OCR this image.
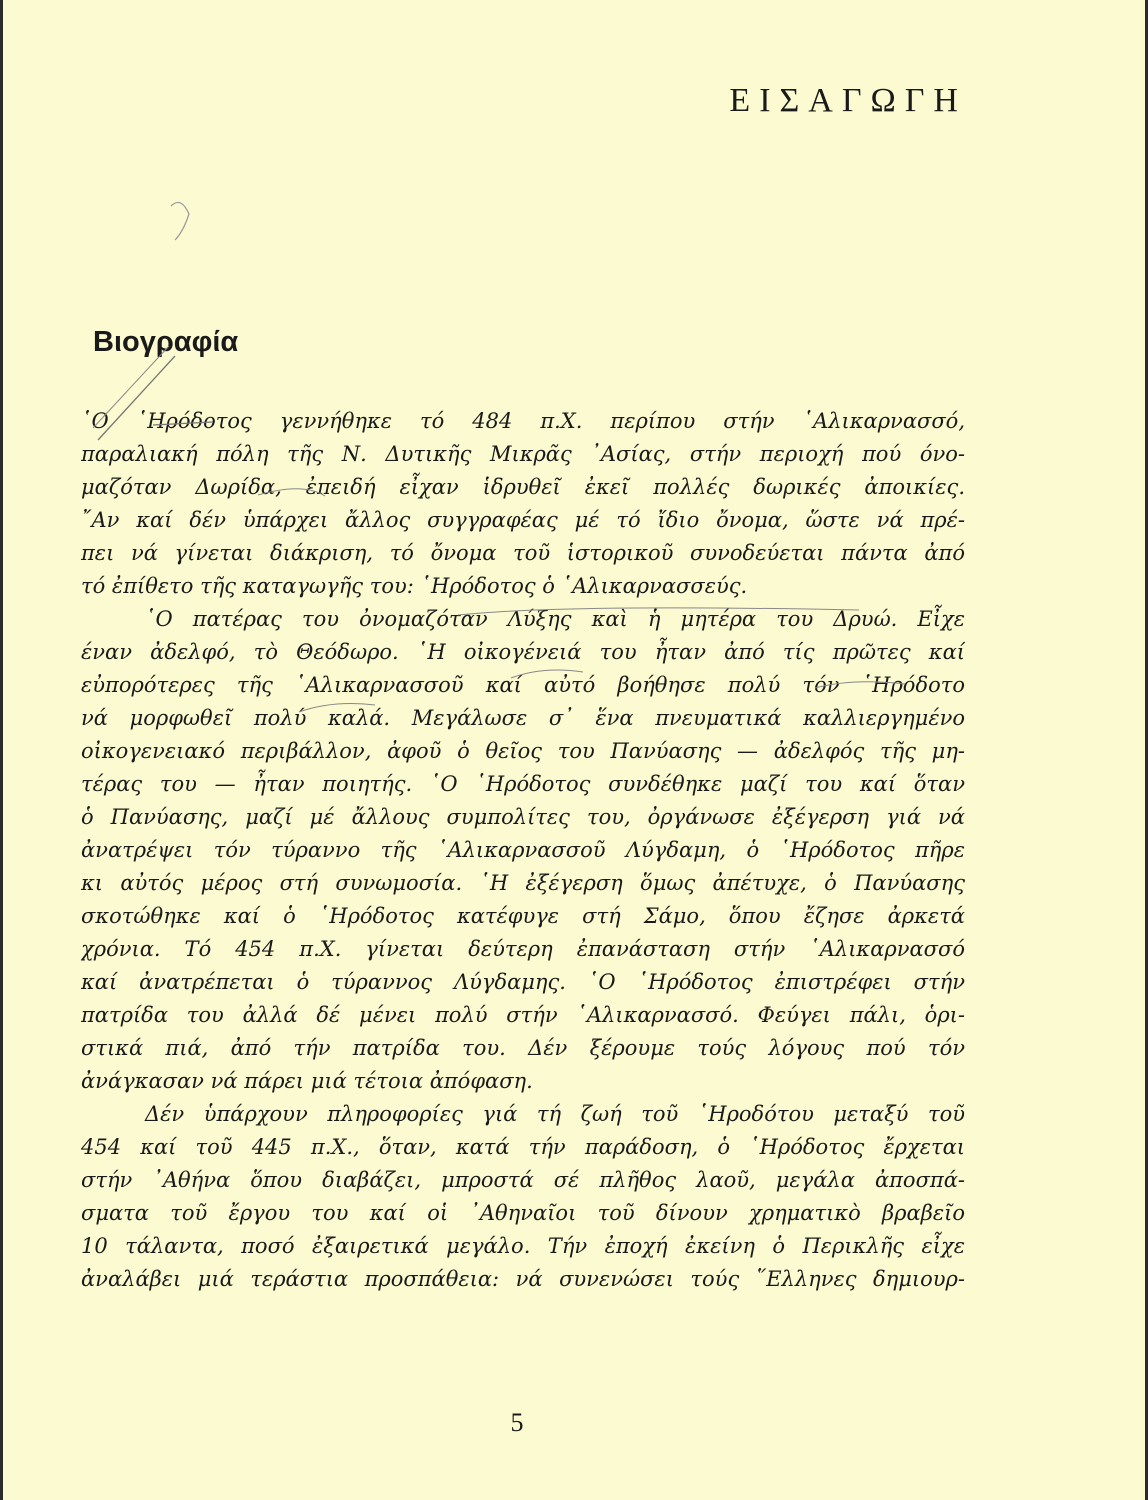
ΕΙΣΑΓΩΓΗ
Βιογραφία
῾Ο ῾Ηρόδοτος γεννήθηκε τό 484 π.Χ. περίπου στήν ῾Αλικαρνασσό,
παραλιακή πόλη τῆς Ν. Δυτικῆς Μικρᾶς ᾿Ασίας, στήν περιοχή πού όνο-
μαζόταν Δωρίδα, ἐπειδή εἶχαν ἱδρυθεῖ ἐκεῖ πολλές δωρικές ἀποικίες.
῎Αν καί δέν ὑπάρχει ἄλλος συγγραφέας μέ τό ἴδιο ὄνομα, ὥστε νά πρέ-
πει νά γίνεται διάκριση, τό ὄνομα τοῦ ἱστορικοῦ συνοδεύεται πάντα ἀπό
τό ἐπίθετο τῆς καταγωγῆς του: ῾Ηρόδοτος ὁ ῾Αλικαρνασσεύς.
῾Ο πατέρας του ὀνομαζόταν Λύξης καὶ ἡ μητέρα του Δρυώ. Εἶχε
έναν ἀδελφό, τὸ Θεόδωρο. ῾Η οἰκογένειά του ἦταν ἀπό τίς πρῶτες καί
εὐπορότερες τῆς ῾Αλικαρνασσοῦ καί αὐτό βοήθησε πολύ τόν ῾Ηρόδοτο
νά μορφωθεῖ πολύ καλά. Μεγάλωσε σ᾿ ἕνα πνευματικά καλλιεργημένο
οἰκογενειακό περιβάλλον, ἀφοῦ ὁ θεῖος του Πανύασης — ἀδελφός τῆς μη-
τέρας του — ἦταν ποιητής. ῾Ο ῾Ηρόδοτος συνδέθηκε μαζί του καί ὅταν
ὁ Πανύασης, μαζί μέ ἄλλους συμπολίτες του, ὀργάνωσε ἐξέγερση γιά νά
ἀνατρέψει τόν τύραννο τῆς ῾Αλικαρνασσοῦ Λύγδαμη, ὁ ῾Ηρόδοτος πῆρε
κι αὐτός μέρος στή συνωμοσία. ῾Η ἐξέγερση ὅμως ἀπέτυχε, ὁ Πανύασης
σκοτώθηκε καί ὁ ῾Ηρόδοτος κατέφυγε στή Σάμο, ὅπου ἔζησε ἀρκετά
χρόνια. Τό 454 π.Χ. γίνεται δεύτερη ἐπανάσταση στήν ῾Αλικαρνασσό
καί ἀνατρέπεται ὁ τύραννος Λύγδαμης. ῾Ο ῾Ηρόδοτος ἐπιστρέφει στήν
πατρίδα του ἀλλά δέ μένει πολύ στήν ῾Αλικαρνασσό. Φεύγει πάλι, ὁρι-
στικά πιά, ἀπό τήν πατρίδα του. Δέν ξέρουμε τούς λόγους πού τόν
ἀνάγκασαν νά πάρει μιά τέτοια ἀπόφαση.
Δέν ὑπάρχουν πληροφορίες γιά τή ζωή τοῦ ῾Ηροδότου μεταξύ τοῦ
454 καί τοῦ 445 π.Χ., ὅταν, κατά τήν παράδοση, ὁ ῾Ηρόδοτος ἔρχεται
στήν ᾿Αθήνα ὅπου διαβάζει, μπροστά σέ πλῆθος λαοῦ, μεγάλα ἀποσπά-
σματα τοῦ ἔργου του καί οἱ ᾿Αθηναῖοι τοῦ δίνουν χρηματικὸ βραβεῖο
10 τάλαντα, ποσό ἐξαιρετικά μεγάλο. Τήν ἐποχή ἐκείνη ὁ Περικλῆς εἶχε
ἀναλάβει μιά τεράστια προσπάθεια: νά συνενώσει τούς ῞Ελληνες δημιουρ-
5
